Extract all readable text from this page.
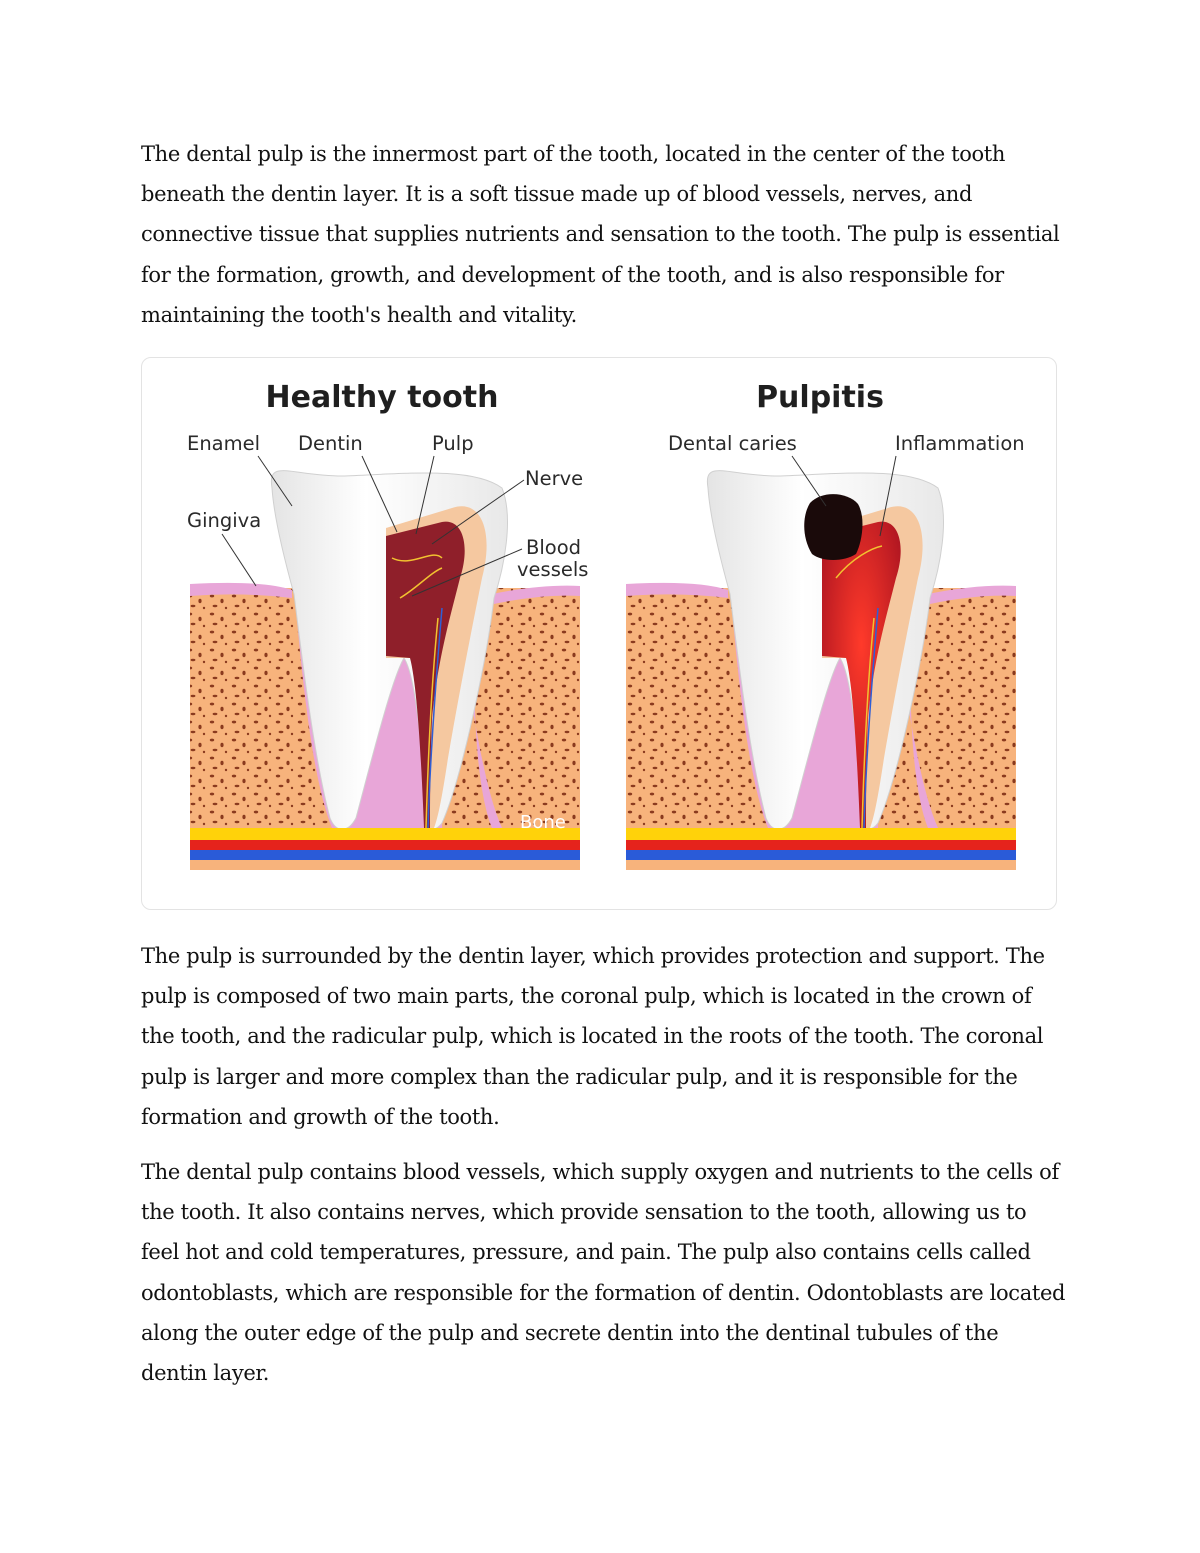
The dental pulp is the innermost part of the tooth, located in the center of the tooth beneath the dentin layer. It is a soft tissue made up of blood vessels, nerves, and connective tissue that supplies nutrients and sensation to the tooth. The pulp is essential for the formation, growth, and development of the tooth, and is also responsible for maintaining the tooth's health and vitality.

Healthy tooth
Bone
Enamel Dentin	Pulp
Nerve
Gingiva
Blood
vessels
Pulpitis
Dental caries	Inflammation

The pulp is surrounded by the dentin layer, which provides protection and support. The pulp is composed of two main parts, the coronal pulp, which is located in the crown of the tooth, and the radicular pulp, which is located in the roots of the tooth. The coronal pulp is larger and more complex than the radicular pulp, and it is responsible for the formation and growth of the tooth.

The dental pulp contains blood vessels, which supply oxygen and nutrients to the cells of the tooth. It also contains nerves, which provide sensation to the tooth, allowing us to feel hot and cold temperatures, pressure, and pain. The pulp also contains cells called odontoblasts, which are responsible for the formation of dentin. Odontoblasts are located along the outer edge of the pulp and secrete dentin into the dentinal tubules of the dentin layer.
